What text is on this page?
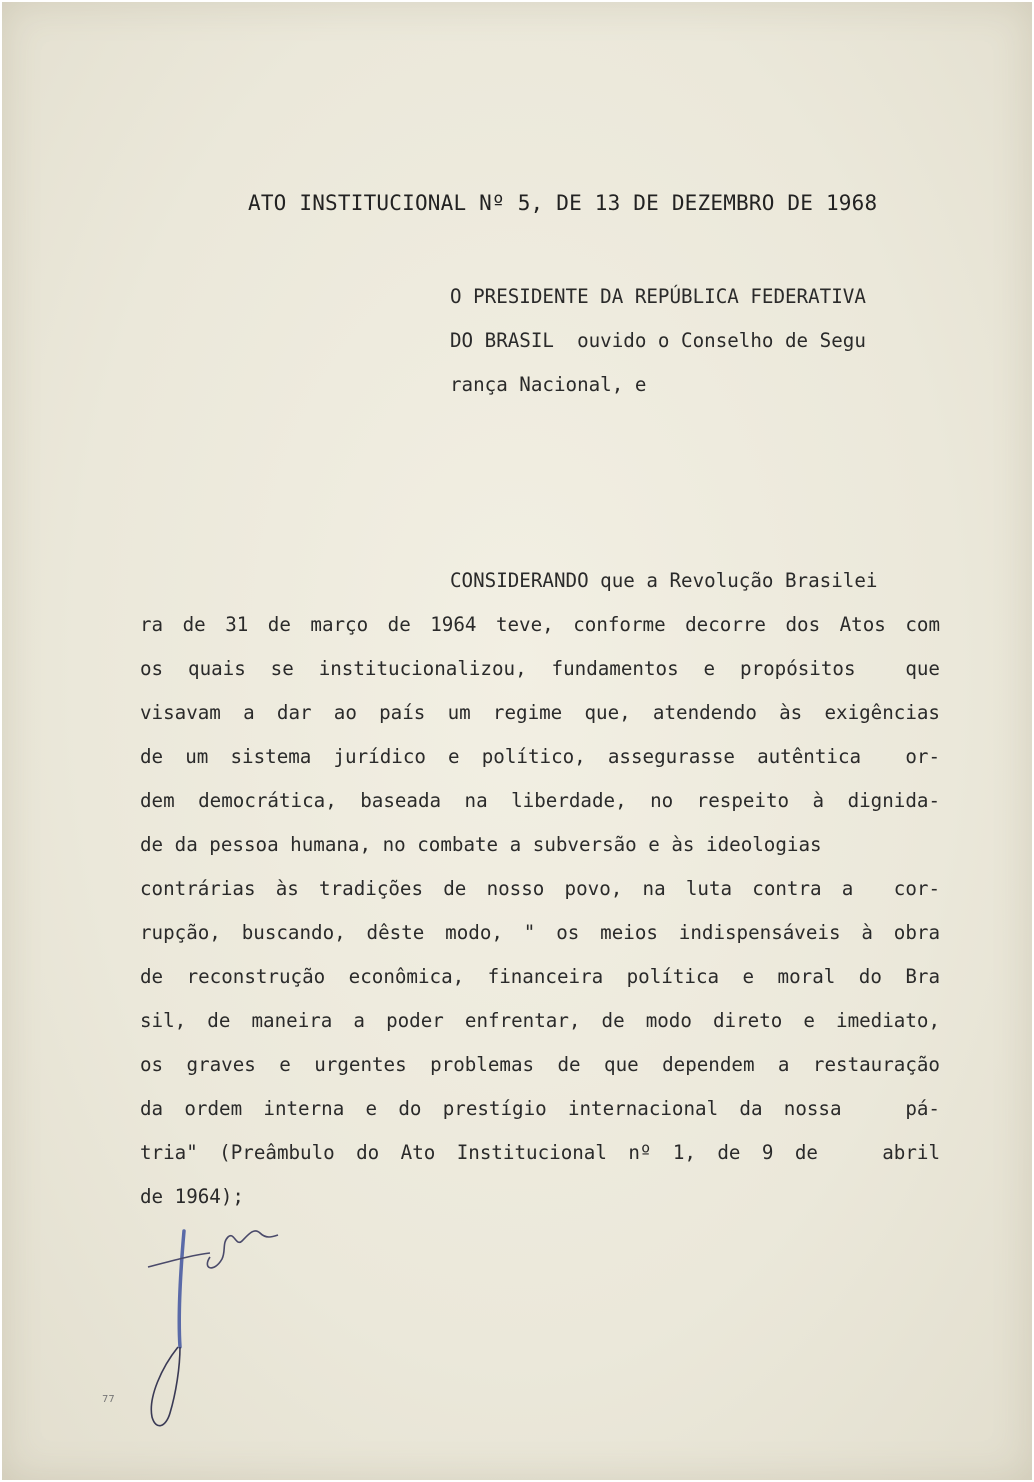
ATO INSTITUCIONAL Nº 5, DE 13 DE DEZEMBRO DE 1968
O PRESIDENTE DA REPÚBLICA FEDERATIVA
DO BRASIL  ouvido o Conselho de Segu
rança Nacional, e
CONSIDERANDO que a Revolução Brasilei
ra de 31 de março de 1964 teve, conforme decorre dos Atos com
os quais se institucionalizou, fundamentos e propósitos  que
visavam a dar ao país um regime que, atendendo às exigências
de um sistema jurídico e político, assegurasse autêntica  or-
dem democrática, baseada na liberdade, no respeito à dignida-
de da pessoa humana, no combate a subversão e às ideologias
contrárias às tradições de nosso povo, na luta contra a  cor-
rupção, buscando, dêste modo, " os meios indispensáveis à obra
de reconstrução econômica, financeira política e moral do Bra
sil, de maneira a poder enfrentar, de modo direto e imediato,
os graves e urgentes problemas de que dependem a restauração
da ordem interna e do prestígio internacional da nossa   pá-
tria" (Preâmbulo do Ato Institucional nº 1, de 9 de   abril
de 1964);
77
